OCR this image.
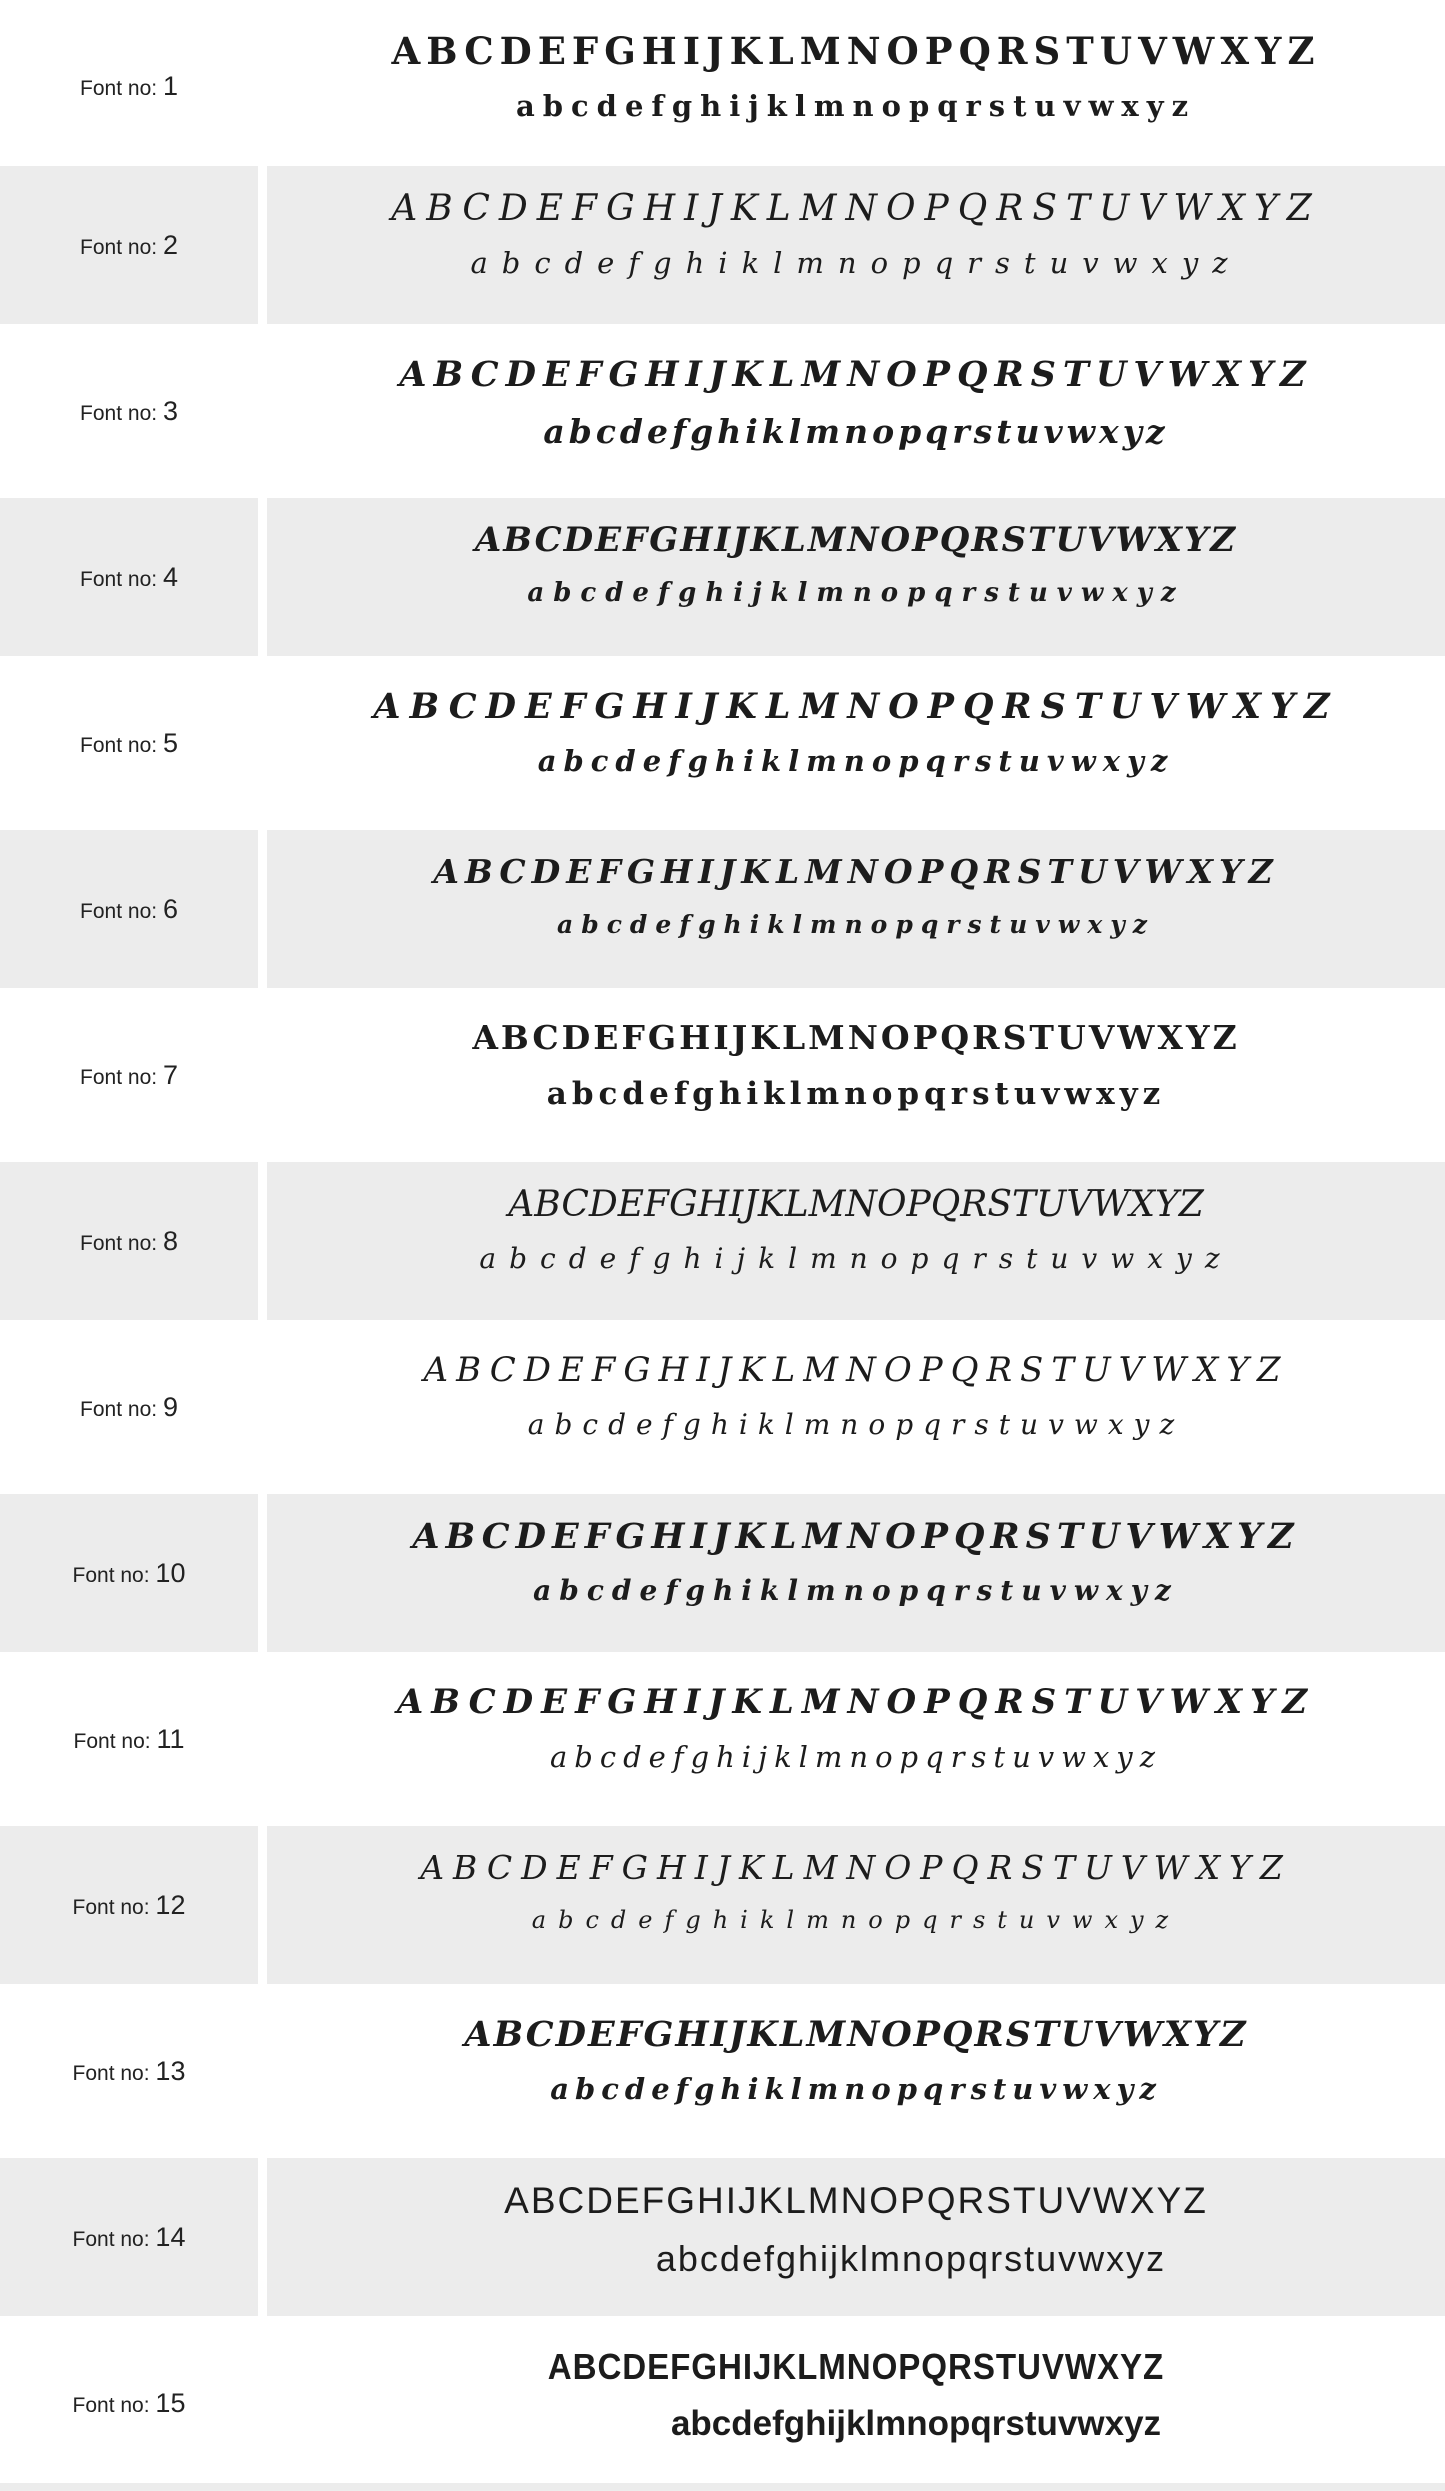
Font no: 1
ABCDEFGHIJKLMNOPQRSTUVWXYZ
abcdefghijklmnopqrstuvwxyz
Font no: 2
ABCDEFGHIJKLMNOPQRSTUVWXYZ
abcdefghiklmnopqrstuvwxyz
Font no: 3
ABCDEFGHIJKLMNOPQRSTUVWXYZ
abcdefghiklmnopqrstuvwxyz
Font no: 4
ABCDEFGHIJKLMNOPQRSTUVWXYZ
abcdefghijklmnopqrstuvwxyz
Font no: 5
ABCDEFGHIJKLMNOPQRSTUVWXYZ
abcdefghiklmnopqrstuvwxyz
Font no: 6
ABCDEFGHIJKLMNOPQRSTUVWXYZ
abcdefghiklmnopqrstuvwxyz
Font no: 7
ABCDEFGHIJKLMNOPQRSTUVWXYZ
abcdefghiklmnopqrstuvwxyz
Font no: 8
ABCDEFGHIJKLMNOPQRSTUVWXYZ
abcdefghijklmnopqrstuvwxyz
Font no: 9
ABCDEFGHIJKLMNOPQRSTUVWXYZ
abcdefghiklmnopqrstuvwxyz
Font no: 10
ABCDEFGHIJKLMNOPQRSTUVWXYZ
abcdefghiklmnopqrstuvwxyz
Font no: 11
ABCDEFGHIJKLMNOPQRSTUVWXYZ
abcdefghijklmnopqrstuvwxyz
Font no: 12
ABCDEFGHIJKLMNOPQRSTUVWXYZ
abcdefghiklmnopqrstuvwxyz
Font no: 13
ABCDEFGHIJKLMNOPQRSTUVWXYZ
abcdefghiklmnopqrstuvwxyz
Font no: 14
ABCDEFGHIJKLMNOPQRSTUVWXYZ
abcdefghijklmnopqrstuvwxyz
Font no: 15
ABCDEFGHIJKLMNOPQRSTUVWXYZ
abcdefghijklmnopqrstuvwxyz
